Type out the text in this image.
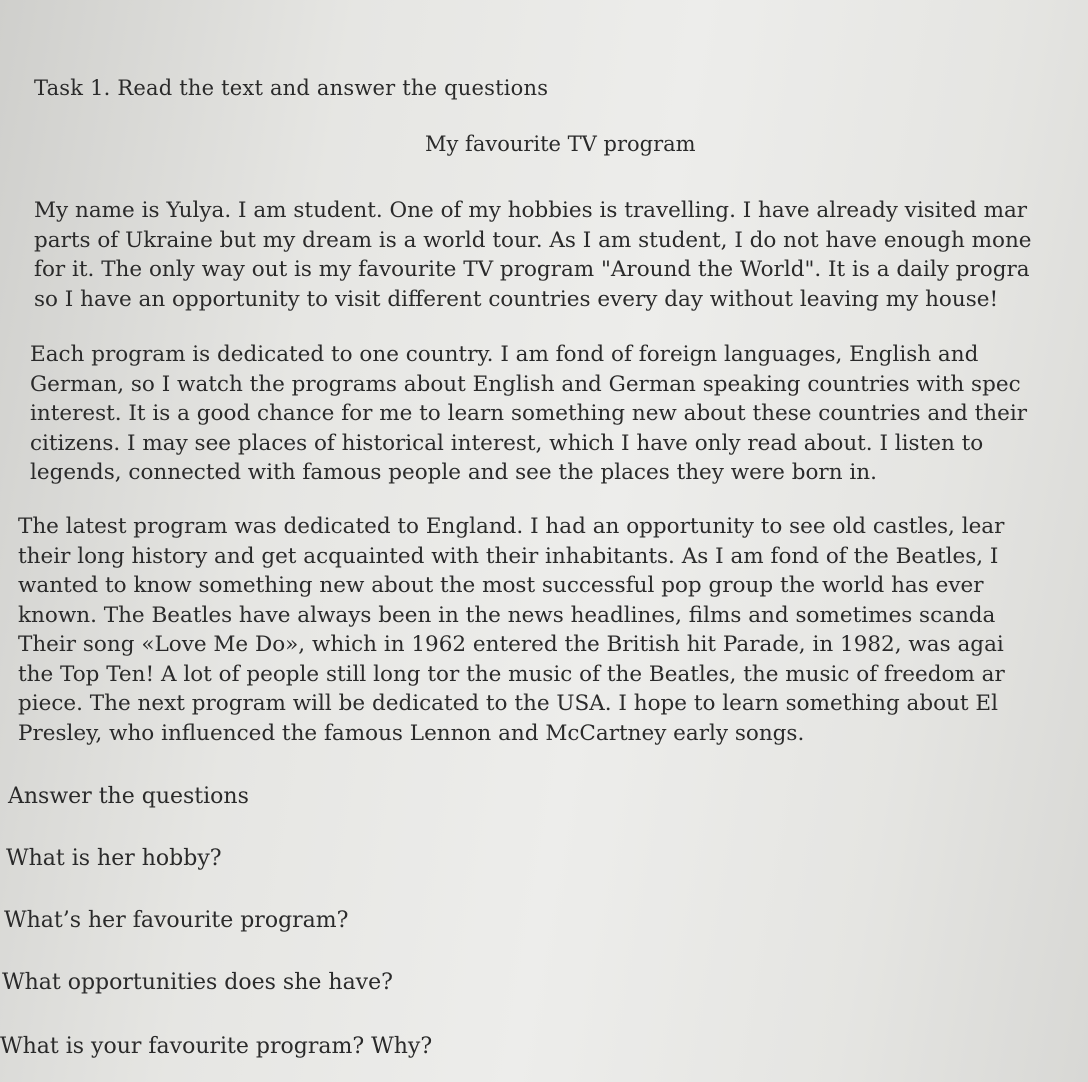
Task 1. Read the text and answer the questions
My favourite TV program
My name is Yulya. I am student. One of my hobbies is travelling. I have already visited mar
parts of Ukraine but my dream is a world tour. As I am student, I do not have enough mone
for it. The only way out is my favourite TV program "Around the World". It is a daily progra
so I have an opportunity to visit different countries every day without leaving my house!
Each program is dedicated to one country. I am fond of foreign languages, English and
German, so I watch the programs about English and German speaking countries with spec
interest. It is a good chance for me to learn something new about these countries and their
citizens. I may see places of historical interest, which I have only read about. I listen to
legends, connected with famous people and see the places they were born in.
The latest program was dedicated to England. I had an opportunity to see old castles, lear
their long history and get acquainted with their inhabitants. As I am fond of the Beatles, I
wanted to know something new about the most successful pop group the world has ever
known. The Beatles have always been in the news headlines, films and sometimes scanda
Their song «Love Me Do», which in 1962 entered the British hit Parade, in 1982, was agai
the Top Ten! A lot of people still long tor the music of the Beatles, the music of freedom ar
piece. The next program will be dedicated to the USA. I hope to learn something about El
Presley, who influenced the famous Lennon and McCartney early songs.
Answer the questions
What is her hobby?
What’s her favourite program?
What opportunities does she have?
What is your favourite program? Why?
